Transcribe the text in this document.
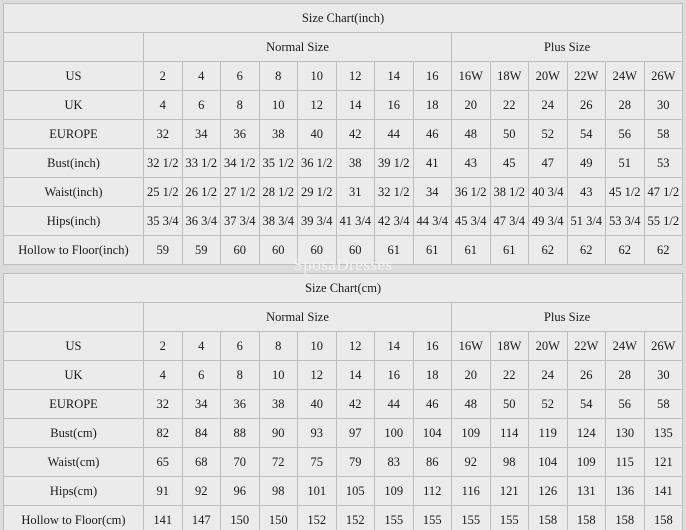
Size Chart(inch)														
	Normal Size								Plus Size					
US	2	4	6	8	10	12	14	16	16W	18W	20W	22W	24W	26W
UK	4	6	8	10	12	14	16	18	20	22	24	26	28	30
EUROPE	32	34	36	38	40	42	44	46	48	50	52	54	56	58
Bust(inch)	32 1/2	33 1/2	34 1/2	35 1/2	36 1/2	38	39 1/2	41	43	45	47	49	51	53
Waist(inch)	25 1/2	26 1/2	27 1/2	28 1/2	29 1/2	31	32 1/2	34	36 1/2	38 1/2	40 3/4	43	45 1/2	47 1/2
Hips(inch)	35 3/4	36 3/4	37 3/4	38 3/4	39 3/4	41 3/4	42 3/4	44 3/4	45 3/4	47 3/4	49 3/4	51 3/4	53 3/4	55 1/2
Hollow to Floor(inch)	59	59	60	60	60	60	61	61	61	61	62	62	62	62
Size Chart(cm)														
	Normal Size								Plus Size					
US	2	4	6	8	10	12	14	16	16W	18W	20W	22W	24W	26W
UK	4	6	8	10	12	14	16	18	20	22	24	26	28	30
EUROPE	32	34	36	38	40	42	44	46	48	50	52	54	56	58
Bust(cm)	82	84	88	90	93	97	100	104	109	114	119	124	130	135
Waist(cm)	65	68	70	72	75	79	83	86	92	98	104	109	115	121
Hips(cm)	91	92	96	98	101	105	109	112	116	121	126	131	136	141
Hollow to Floor(cm)	141	147	150	150	152	152	155	155	155	155	158	158	158	158
SposaDresses
